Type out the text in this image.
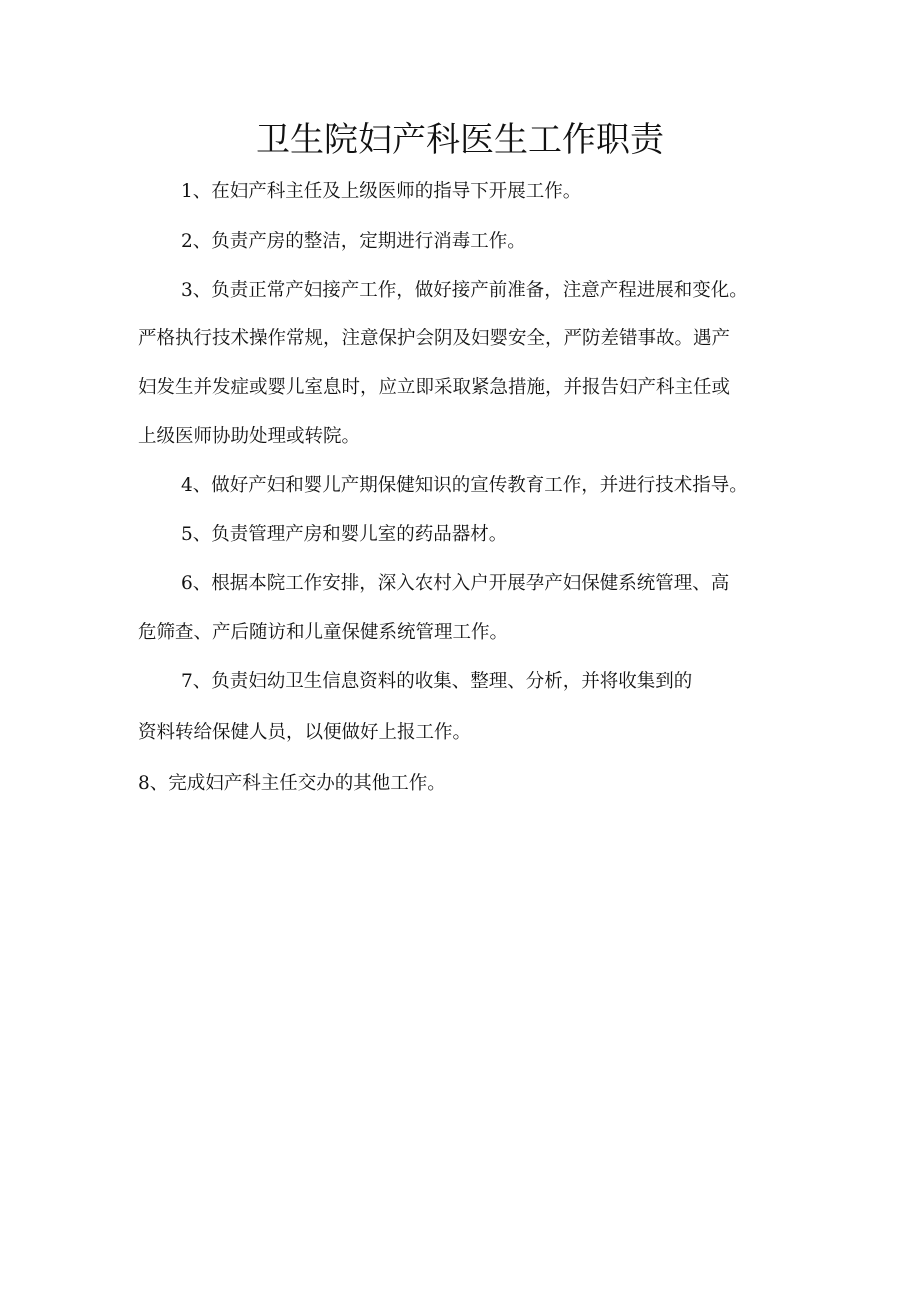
卫生院妇产科医生工作职责

1、在妇产科主任及上级医师的指导下开展工作。

2、负责产房的整洁，定期进行消毒工作。

3、负责正常产妇接产工作，做好接产前准备，注意产程进展和变化。

严格执行技术操作常规，注意保护会阴及妇婴安全，严防差错事故。遇产

妇发生并发症或婴儿室息时，应立即采取紧急措施，并报告妇产科主任或

上级医师协助处理或转院。

4、做好产妇和婴儿产期保健知识的宣传教育工作，并进行技术指导。

5、负责管理产房和婴儿室的药品器材。

6、根据本院工作安排，深入农村入户开展孕产妇保健系统管理、高

危筛查、产后随访和儿童保健系统管理工作。

7、负责妇幼卫生信息资料的收集、整理、分析，并将收集到的

资料转给保健人员，以便做好上报工作。

8、完成妇产科主任交办的其他工作。
